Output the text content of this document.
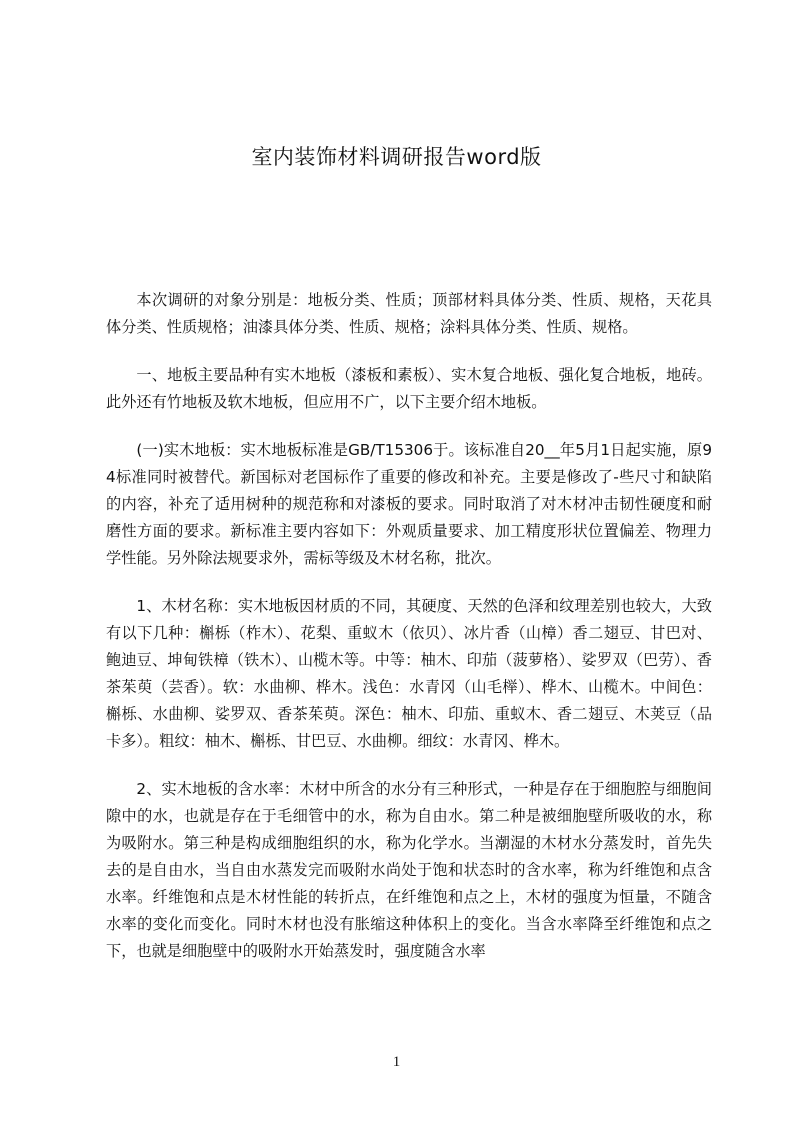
室内装饰材料调研报告word版

本次调研的对象分别是：地板分类、性质；顶部材料具体分类、性质、规格，天花具体分类、性质规格；油漆具体分类、性质、规格；涂料具体分类、性质、规格。

一、地板主要品种有实木地板（漆板和素板）、实木复合地板、强化复合地板，地砖。此外还有竹地板及软木地板，但应用不广，以下主要介绍木地板。

(一)实木地板：实木地板标准是GB/T15306于。该标准自20__年5月1日起实施，原94标准同时被替代。新国标对老国标作了重要的修改和补充。主要是修改了-些尺寸和缺陷的内容，补充了适用树种的规范称和对漆板的要求。同时取消了对木材冲击韧性硬度和耐磨性方面的要求。新标准主要内容如下：外观质量要求、加工精度形状位置偏差、物理力学性能。另外除法规要求外，需标等级及木材名称，批次。

1、木材名称：实木地板因材质的不同，其硬度、天然的色泽和纹理差别也较大，大致有以下几种：槲栎（柞木）、花梨、重蚁木（依贝）、冰片香（山樟）香二翅豆、甘巴对、鲍迪豆、坤甸铁樟（铁木）、山榄木等。中等：柚木、印茄（菠萝格）、娑罗双（巴劳）、香茶茱萸（芸香）。软：水曲柳、桦木。浅色：水青冈（山毛榉）、桦木、山榄木。中间色：槲栎、水曲柳、娑罗双、香茶茱萸。深色：柚木、印茄、重蚁木、香二翅豆、木荚豆（品卡多）。粗纹：柚木、槲栎、甘巴豆、水曲柳。细纹：水青冈、桦木。

2、实木地板的含水率：木材中所含的水分有三种形式，一种是存在于细胞腔与细胞间隙中的水，也就是存在于毛细管中的水，称为自由水。第二种是被细胞壁所吸收的水，称为吸附水。第三种是构成细胞组织的水，称为化学水。当潮湿的木材水分蒸发时，首先失去的是自由水，当自由水蒸发完而吸附水尚处于饱和状态时的含水率，称为纤维饱和点含水率。纤维饱和点是木材性能的转折点，在纤维饱和点之上，木材的强度为恒量，不随含水率的变化而变化。同时木材也没有胀缩这种体积上的变化。当含水率降至纤维饱和点之下，也就是细胞壁中的吸附水开始蒸发时，强度随含水率

1
